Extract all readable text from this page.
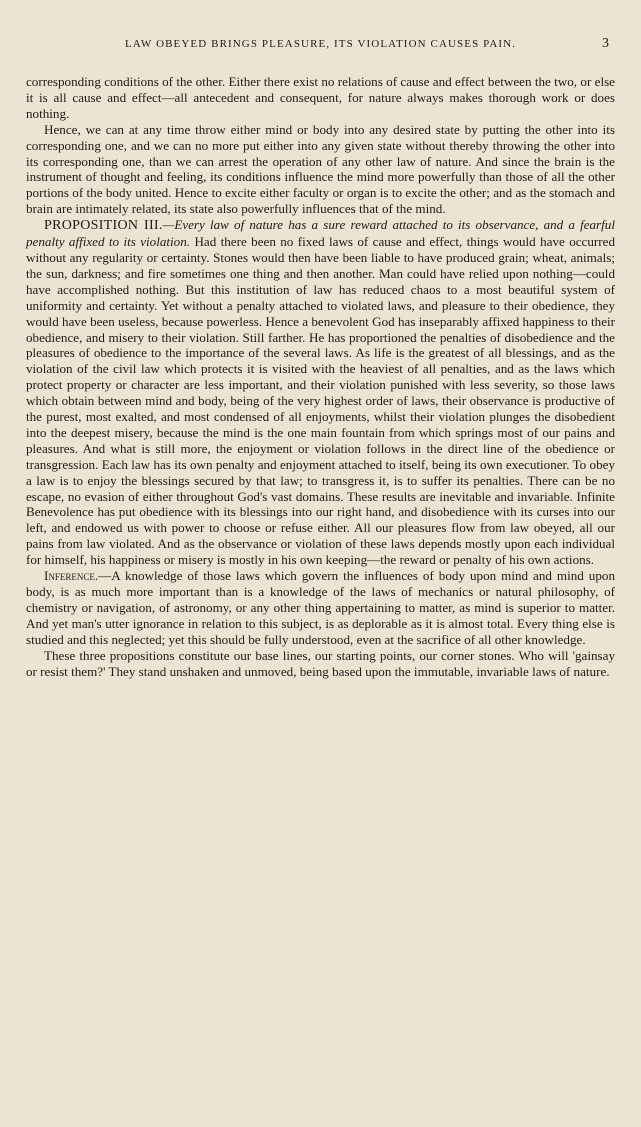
LAW OBEYED BRINGS PLEASURE, ITS VIOLATION CAUSES PAIN.	3

corresponding conditions of the other. Either there exist no relations of cause and effect between the two, or else it is all cause and effect—all antecedent and consequent, for nature always makes thorough work or does nothing.

Hence, we can at any time throw either mind or body into any desired state by putting the other into its corresponding one, and we can no more put either into any given state without thereby throwing the other into its corresponding one, than we can arrest the operation of any other law of nature. And since the brain is the instrument of thought and feeling, its conditions influence the mind more powerfully than those of all the other portions of the body united. Hence to excite either faculty or organ is to excite the other; and as the stomach and brain are intimately related, its state also powerfully influences that of the mind.

PROPOSITION III.—Every law of nature has a sure reward attached to its observance, and a fearful penalty affixed to its violation. Had there been no fixed laws of cause and effect, things would have occurred without any regularity or certainty. Stones would then have been liable to have produced grain; wheat, animals; the sun, darkness; and fire sometimes one thing and then another. Man could have relied upon nothing—could have accomplished nothing. But this institution of law has reduced chaos to a most beautiful system of uniformity and certainty. Yet without a penalty attached to violated laws, and pleasure to their obedience, they would have been useless, because powerless. Hence a benevolent God has inseparably affixed happiness to their obedience, and misery to their violation. Still farther. He has proportioned the penalties of disobedience and the pleasures of obedience to the importance of the several laws. As life is the greatest of all blessings, and as the violation of the civil law which protects it is visited with the heaviest of all penalties, and as the laws which protect property or character are less important, and their violation punished with less severity, so those laws which obtain between mind and body, being of the very highest order of laws, their observance is productive of the purest, most exalted, and most condensed of all enjoyments, whilst their violation plunges the disobedient into the deepest misery, because the mind is the one main fountain from which springs most of our pains and pleasures. And what is still more, the enjoyment or violation follows in the direct line of the obedience or transgression. Each law has its own penalty and enjoyment attached to itself, being its own executioner. To obey a law is to enjoy the blessings secured by that law; to transgress it, is to suffer its penalties. There can be no escape, no evasion of either throughout God's vast domains. These results are inevitable and invariable. Infinite Benevolence has put obedience with its blessings into our right hand, and disobedience with its curses into our left, and endowed us with power to choose or refuse either. All our pleasures flow from law obeyed, all our pains from law violated. And as the observance or violation of these laws depends mostly upon each individual for himself, his happiness or misery is mostly in his own keeping—the reward or penalty of his own actions.

Inference.—A knowledge of those laws which govern the influences of body upon mind and mind upon body, is as much more important than is a knowledge of the laws of mechanics or natural philosophy, of chemistry or navigation, of astronomy, or any other thing appertaining to matter, as mind is superior to matter. And yet man's utter ignorance in relation to this subject, is as deplorable as it is almost total. Every thing else is studied and this neglected; yet this should be fully understood, even at the sacrifice of all other knowledge.

These three propositions constitute our base lines, our starting points, our corner stones. Who will 'gainsay or resist them?' They stand unshaken and unmoved, being based upon the immutable, invariable laws of nature.
